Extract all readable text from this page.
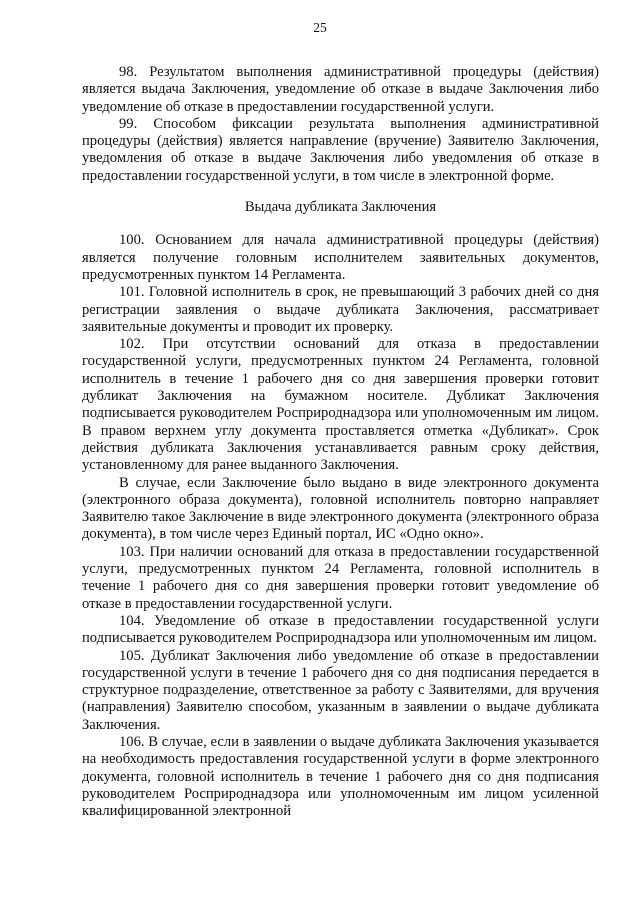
25

98. Результатом выполнения административной процедуры (действия) является выдача Заключения, уведомление об отказе в выдаче Заключения либо уведомление об отказе в предоставлении государственной услуги.

99. Способом фиксации результата выполнения административной процедуры (действия) является направление (вручение) Заявителю Заключения, уведомления об отказе в выдаче Заключения либо уведомления об отказе в предоставлении государственной услуги, в том числе в электронной форме.

Выдача дубликата Заключения

100. Основанием для начала административной процедуры (действия) является получение головным исполнителем заявительных документов, предусмотренных пунктом 14 Регламента.

101. Головной исполнитель в срок, не превышающий 3 рабочих дней со дня регистрации заявления о выдаче дубликата Заключения, рассматривает заявительные документы и проводит их проверку.

102. При отсутствии оснований для отказа в предоставлении государственной услуги, предусмотренных пунктом 24 Регламента, головной исполнитель в течение 1 рабочего дня со дня завершения проверки готовит дубликат Заключения на бумажном носителе. Дубликат Заключения подписывается руководителем Росприроднадзора или уполномоченным им лицом. В правом верхнем углу документа проставляется отметка «Дубликат». Срок действия дубликата Заключения устанавливается равным сроку действия, установленному для ранее выданного Заключения.

В случае, если Заключение было выдано в виде электронного документа (электронного образа документа), головной исполнитель повторно направляет Заявителю такое Заключение в виде электронного документа (электронного образа документа), в том числе через Единый портал, ИС «Одно окно».

103. При наличии оснований для отказа в предоставлении государственной услуги, предусмотренных пунктом 24 Регламента, головной исполнитель в течение 1 рабочего дня со дня завершения проверки готовит уведомление об отказе в предоставлении государственной услуги.

104. Уведомление об отказе в предоставлении государственной услуги подписывается руководителем Росприроднадзора или уполномоченным им лицом.

105. Дубликат Заключения либо уведомление об отказе в предоставлении государственной услуги в течение 1 рабочего дня со дня подписания передается в структурное подразделение, ответственное за работу с Заявителями, для вручения (направления) Заявителю способом, указанным в заявлении о выдаче дубликата Заключения.

106. В случае, если в заявлении о выдаче дубликата Заключения указывается на необходимость предоставления государственной услуги в форме электронного документа, головной исполнитель в течение 1 рабочего дня со дня подписания руководителем Росприроднадзора или уполномоченным им лицом усиленной квалифицированной электронной
